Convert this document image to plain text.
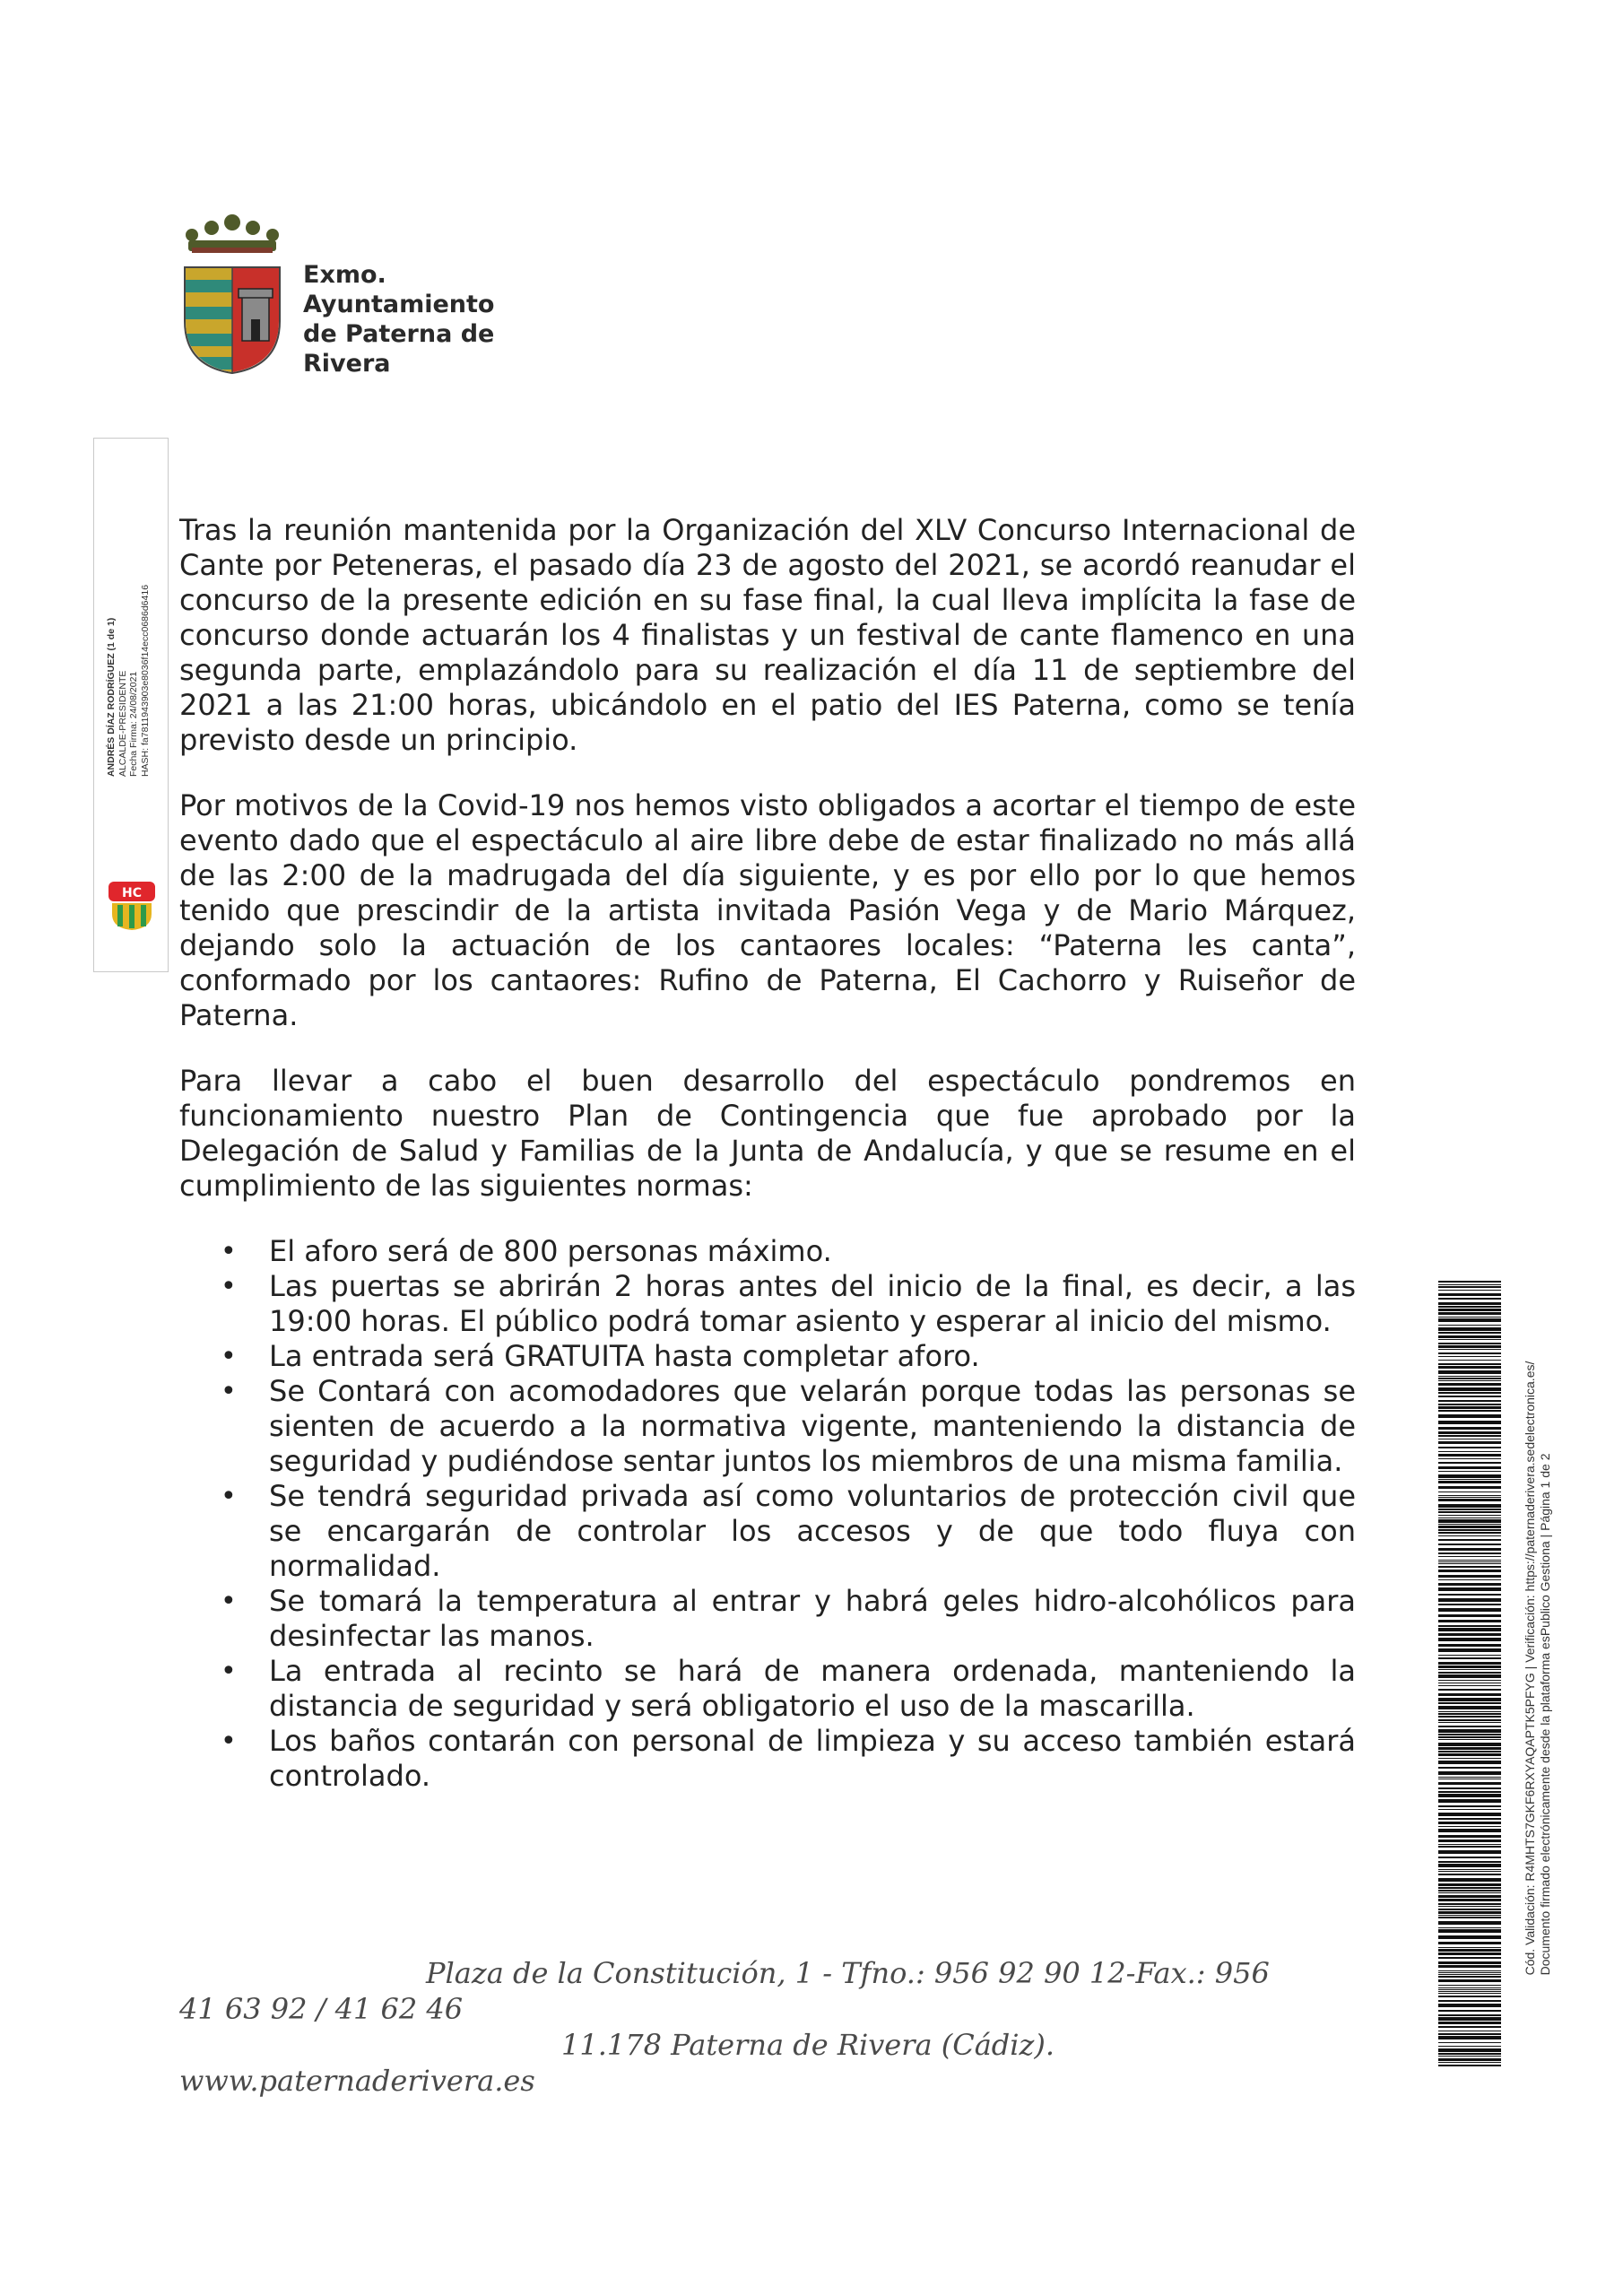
Exmo.
Ayuntamiento
de Paterna de
Rivera
ANDRÉS DÍAZ RODRÍGUEZ (1 de 1) ALCALDE-PRESIDENTE Fecha Firma: 24/08/2021 HASH: fa7811943903e8036f14ecc0686d6416
HC

Tras la reunión mantenida por la Organización del XLV Concurso Internacional de Cante por Peteneras, el pasado día 23 de agosto del 2021, se acordó reanudar el concurso de la presente edición en su fase final, la cual lleva implícita la fase de concurso donde actuarán los 4 finalistas y un festival de cante flamenco en una segunda parte, emplazándolo para su realización el día 11 de septiembre del 2021 a las 21:00 horas, ubicándolo en el patio del IES Paterna, como se tenía previsto desde un principio.

Por motivos de la Covid-19 nos hemos visto obligados a acortar el tiempo de este evento dado que el espectáculo al aire libre debe de estar finalizado no más allá de las 2:00 de la madrugada del día siguiente, y es por ello por lo que hemos tenido que prescindir de la artista invitada Pasión Vega y de Mario Márquez, dejando solo la actuación de los cantaores locales: “Paterna les canta”, conformado por los cantaores: Rufino de Paterna, El Cachorro y Ruiseñor de Paterna.

Para llevar a cabo el buen desarrollo del espectáculo pondremos en funcionamiento nuestro Plan de Contingencia que fue aprobado por la Delegación de Salud y Familias de la Junta de Andalucía, y que se resume en el cumplimiento de las siguientes normas:

• El aforo será de 800 personas máximo.
• Las puertas se abrirán 2 horas antes del inicio de la final, es decir, a las 19:00 horas. El público podrá tomar asiento y esperar al inicio del mismo.
• La entrada será GRATUITA hasta completar aforo.
• Se Contará con acomodadores que velarán porque todas las personas se sienten de acuerdo a la normativa vigente, manteniendo la distancia de seguridad y pudiéndose sentar juntos los miembros de una misma familia.
• Se tendrá seguridad privada así como voluntarios de protección civil que se encargarán de controlar los accesos y de que todo fluya con normalidad.
• Se tomará la temperatura al entrar y habrá geles hidro-alcohólicos para desinfectar las manos.
• La entrada al recinto se hará de manera ordenada, manteniendo la distancia de seguridad y será obligatorio el uso de la mascarilla.
• Los baños contarán con personal de limpieza y su acceso también estará controlado.
Plaza de la Constitución, 1 - Tfno.: 956 92 90 12-Fax.: 956
41 63 92 / 41 62 46
11.178 Paterna de Rivera (Cádiz).
www.paternaderivera.es
Cód. Validación: R4MHTS7GKF6RXYAQAPTK5PFYG | Verificación: https://paternaderivera.sedelectronica.es/ Documento firmado electrónicamente desde la plataforma esPublico Gestiona | Página 1 de 2
